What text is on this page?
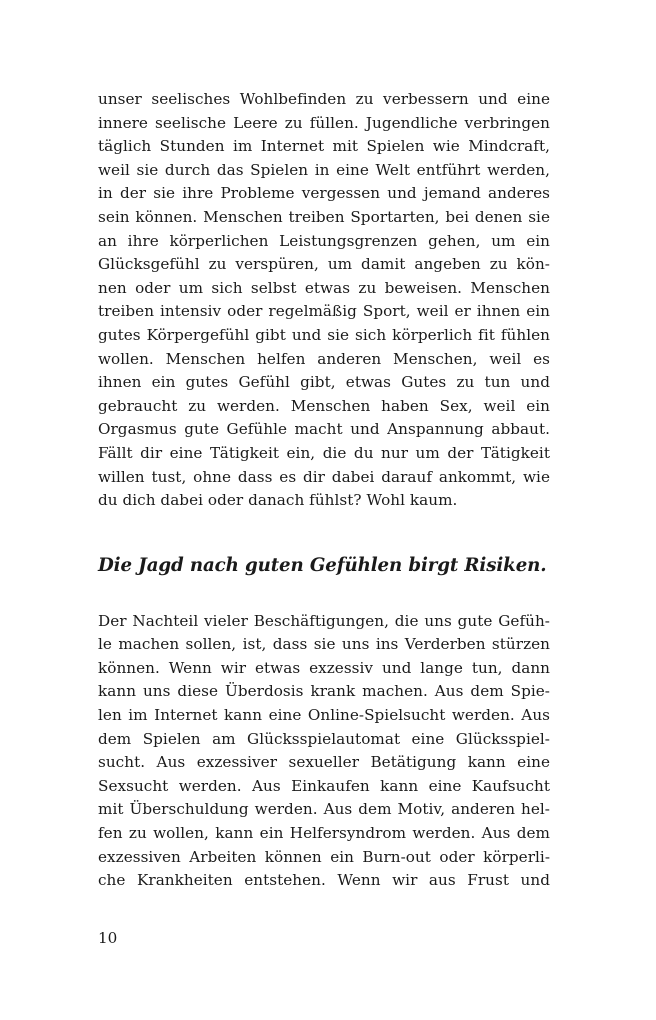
unser seelisches Wohlbefinden zu verbessern und eine
innere seelische Leere zu füllen. Jugendliche verbringen
täglich Stunden im Internet mit Spielen wie Mindcraft,
weil sie durch das Spielen in eine Welt entführt werden,
in der sie ihre Probleme vergessen und jemand anderes
sein können. Menschen treiben Sportarten, bei denen sie
an ihre körperlichen Leistungsgrenzen gehen, um ein
Glücksgefühl zu verspüren, um damit angeben zu kön-
nen oder um sich selbst etwas zu beweisen. Menschen
treiben intensiv oder regelmäßig Sport, weil er ihnen ein
gutes Körpergefühl gibt und sie sich körperlich fit fühlen
wollen. Menschen helfen anderen Menschen, weil es
ihnen ein gutes Gefühl gibt, etwas Gutes zu tun und
gebraucht zu werden. Menschen haben Sex, weil ein
Orgasmus gute Gefühle macht und Anspannung abbaut.
Fällt dir eine Tätigkeit ein, die du nur um der Tätigkeit
willen tust, ohne dass es dir dabei darauf ankommt, wie
du dich dabei oder danach fühlst? Wohl kaum.
Die Jagd nach guten Gefühlen birgt Risiken.
Der Nachteil vieler Beschäftigungen, die uns gute Gefüh-
le machen sollen, ist, dass sie uns ins Verderben stürzen
können. Wenn wir etwas exzessiv und lange tun, dann
kann uns diese Überdosis krank machen. Aus dem Spie-
len im Internet kann eine Online-Spielsucht werden. Aus
dem Spielen am Glücksspielautomat eine Glücksspiel-
sucht. Aus exzessiver sexueller Betätigung kann eine
Sexsucht werden. Aus Einkaufen kann eine Kaufsucht
mit Überschuldung werden. Aus dem Motiv, anderen hel-
fen zu wollen, kann ein Helfersyndrom werden. Aus dem
exzessiven Arbeiten können ein Burn-out oder körperli-
che Krankheiten entstehen. Wenn wir aus Frust und
10
